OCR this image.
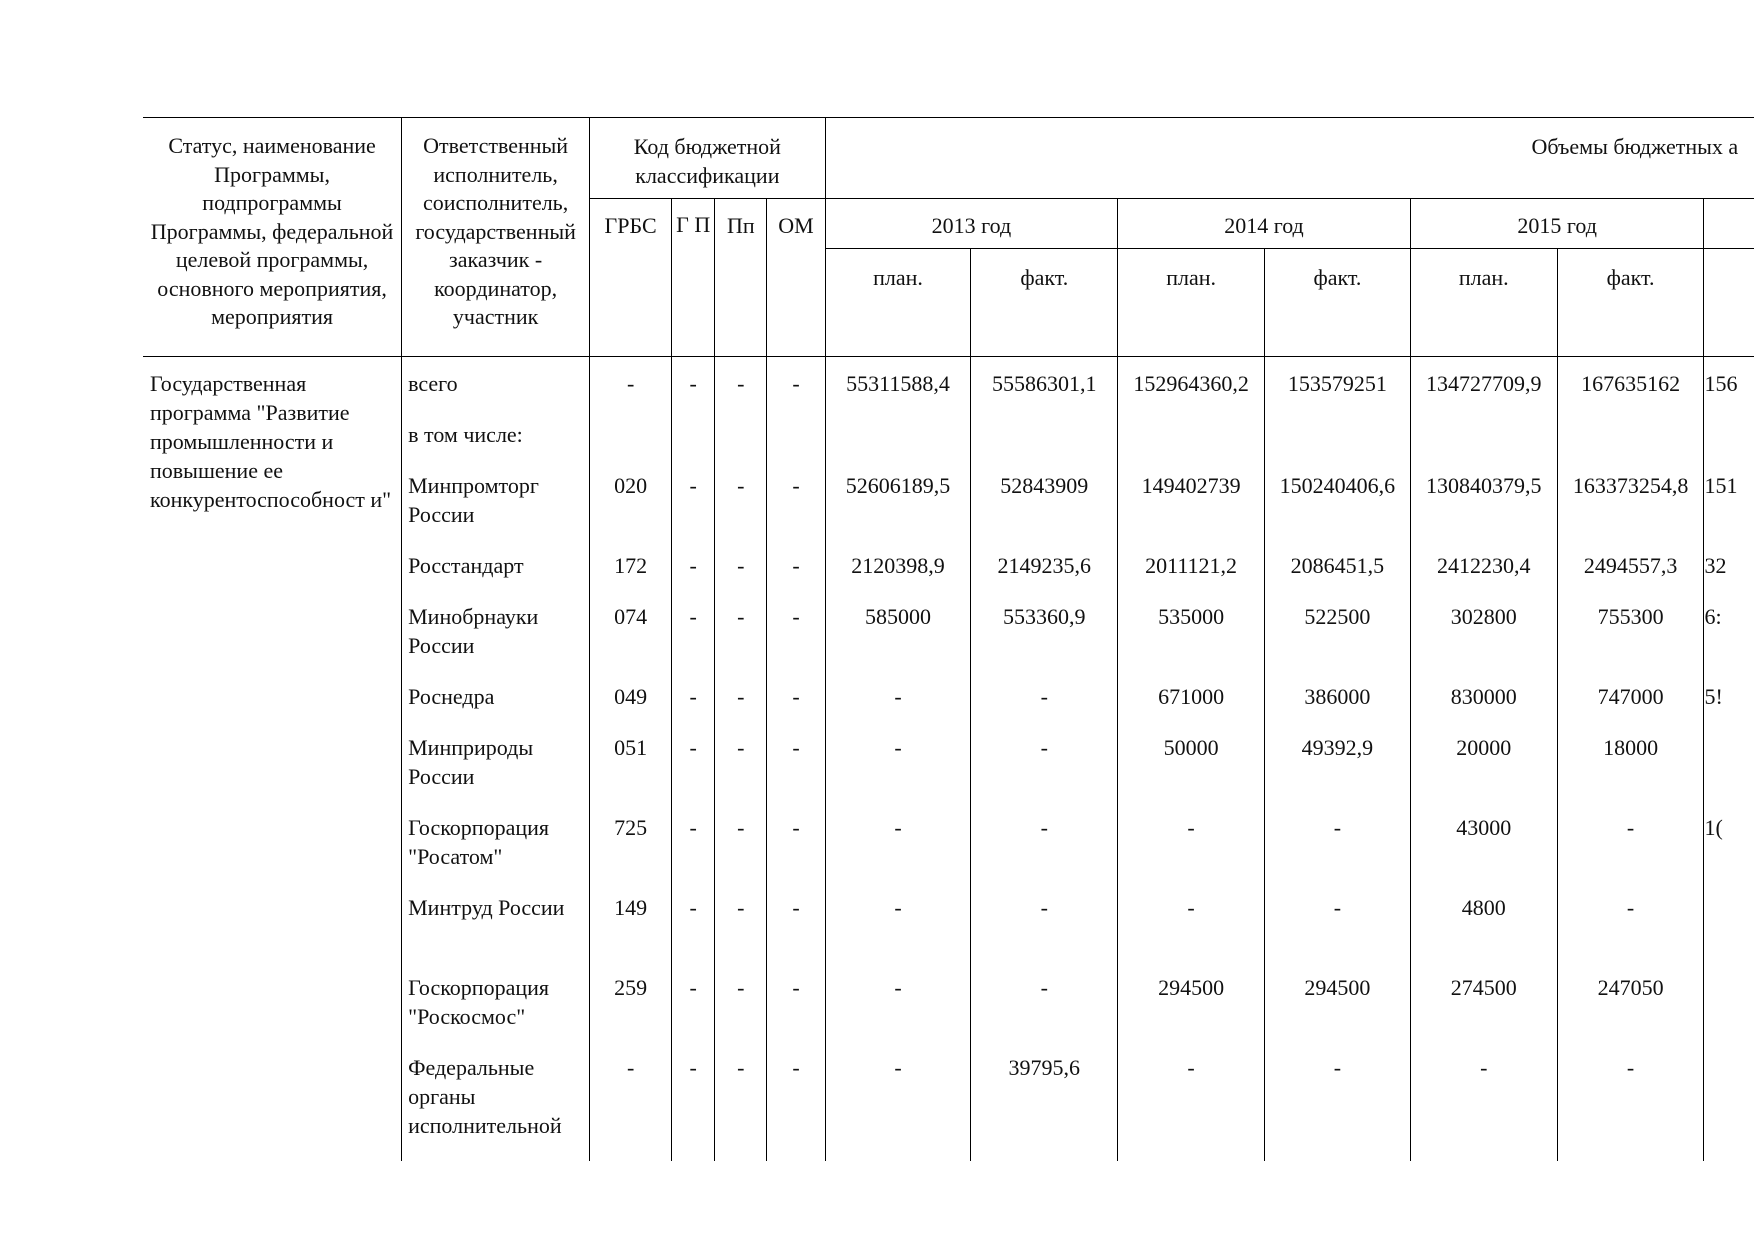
Статус, наименование Программы, подпрограммы Программы, федеральной целевой программы, основного мероприятия, мероприятия	Ответственный исполнитель, соисполнитель, государственный заказчик - координатор, участник	Код бюджетной классификации				Объемы бюджетных а						
		ГРБС	Г П	Пп	ОМ	2013 год		2014 год		2015 год		
						план.	факт.	план.	факт.	план.	факт.	
Государственная программа "Развитие промышленности и повышение ее конкурентоспособност и"	всего	-	-	-	-	55311588,4	55586301,1	152964360,2	153579251	134727709,9	167635162	156
	в том числе:											
	Минпромторг России	020	-	-	-	52606189,5	52843909	149402739	150240406,6	130840379,5	163373254,8	151
	Росстандарт	172	-	-	-	2120398,9	2149235,6	2011121,2	2086451,5	2412230,4	2494557,3	32
	Минобрнауки России	074	-	-	-	585000	553360,9	535000	522500	302800	755300	6:
	Роснедра	049	-	-	-	-	-	671000	386000	830000	747000	5!
	Минприроды России	051	-	-	-	-	-	50000	49392,9	20000	18000	
	Госкорпорация "Росатом"	725	-	-	-	-	-	-	-	43000	-	1(
	Минтруд России	149	-	-	-	-	-	-	-	4800	-	
	Госкорпорация "Роскосмос"	259	-	-	-	-	-	294500	294500	274500	247050	
	Федеральные органы исполнительной	-	-	-	-	-	39795,6	-	-	-	-	
